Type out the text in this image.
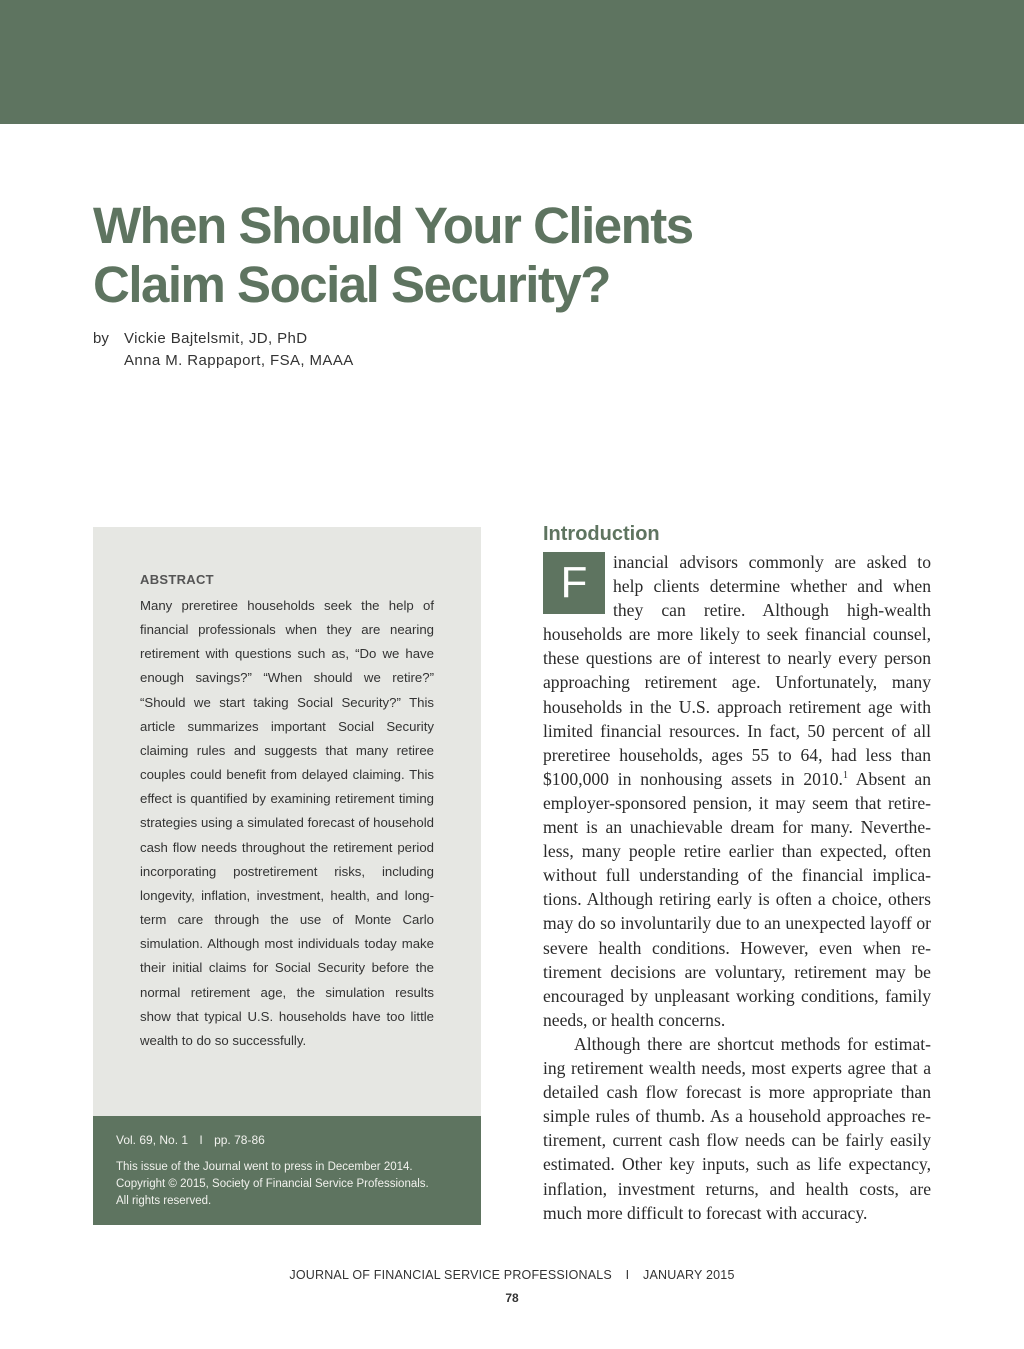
When Should Your Clients
Claim Social Security?
by Vickie Bajtelsmit, JD, PhD
Anna M. Rappaport, FSA, MAAA
ABSTRACT

Many preretiree households seek the help of financial professionals when they are nearing retirement with questions such as, “Do we have enough savings?” “When should we retire?” “Should we start taking Social Security?” This article summarizes important Social Security claiming rules and suggests that many retiree couples could benefit from delayed claiming. This effect is quantified by examining retirement timing strategies using a simulated forecast of household cash flow needs throughout the retirement period incorporating postretirement risks, including longevity, inflation, investment, health, and long-term care through the use of Monte Carlo simulation. Although most individuals today make their initial claims for Social Security before the normal retirement age, the simulation results show that typical U.S. households have too little wealth to do so successfully.

Vol. 69, No. 1 I pp. 78-86

This issue of the Journal went to press in December 2014.
Copyright © 2015, Society of Financial Service Professionals.
All rights reserved.

Introduction
F	inancial advisors commonly are asked to help clients determine whether and when they can retire. Although high-wealth households are more likely to seek financial counsel, these questions are of interest to nearly every person approaching retirement age. Unfortunately, many households in the U.S. approach retirement age with limited financial resources. In fact, 50 percent of all preretiree households, ages 55 to 64, had less than $100,000 in nonhousing assets in 2010.$^1$ Absent an employer-sponsored pension, it may seem that retirement is an unachievable dream for many. Nevertheless, many people retire earlier than expected, often without full understanding of the financial implications. Although retiring early is often a choice, others may do so involuntarily due to an unexpected layoff or severe health conditions. However, even when retirement decisions are voluntary, retirement may be encouraged by unpleasant working conditions, family needs, or health concerns.

Although there are shortcut methods for estimating retirement wealth needs, most experts agree that a detailed cash flow forecast is more appropriate than simple rules of thumb. As a household approaches retirement, current cash flow needs can be fairly easily estimated. Other key inputs, such as life expectancy, inflation, investment returns, and health costs, are much more difficult to forecast with accuracy.

JOURNAL OF FINANCIAL SERVICE PROFESSIONALS I JANUARY 2015
78
